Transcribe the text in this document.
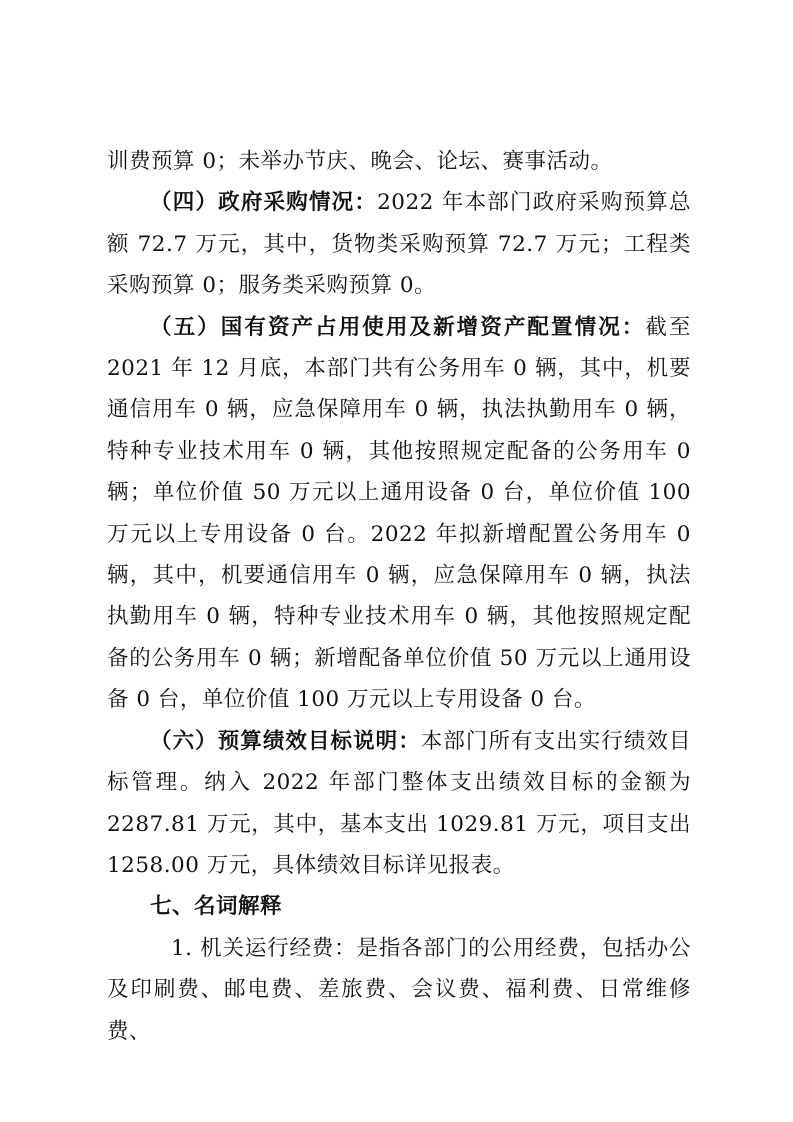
训费预算 0；未举办节庆、晚会、论坛、赛事活动。

（四）政府采购情况：2022 年本部门政府采购预算总额 72.7 万元，其中，货物类采购预算 72.7 万元；工程类采购预算 0；服务类采购预算 0。

（五）国有资产占用使用及新增资产配置情况：截至 2021 年 12 月底，本部门共有公务用车 0 辆，其中，机要通信用车 0 辆，应急保障用车 0 辆，执法执勤用车 0 辆，特种专业技术用车 0 辆，其他按照规定配备的公务用车 0 辆；单位价值 50 万元以上通用设备 0 台，单位价值 100 万元以上专用设备 0 台。2022 年拟新增配置公务用车 0 辆，其中，机要通信用车 0 辆，应急保障用车 0 辆，执法执勤用车 0 辆，特种专业技术用车 0 辆，其他按照规定配备的公务用车 0 辆；新增配备单位价值 50 万元以上通用设备 0 台，单位价值 100 万元以上专用设备 0 台。

（六）预算绩效目标说明：本部门所有支出实行绩效目标管理。纳入 2022 年部门整体支出绩效目标的金额为 2287.81 万元，其中，基本支出 1029.81 万元，项目支出 1258.00 万元，具体绩效目标详见报表。

七、名词解释

1. 机关运行经费：是指各部门的公用经费，包括办公及印刷费、邮电费、差旅费、会议费、福利费、日常维修费、
